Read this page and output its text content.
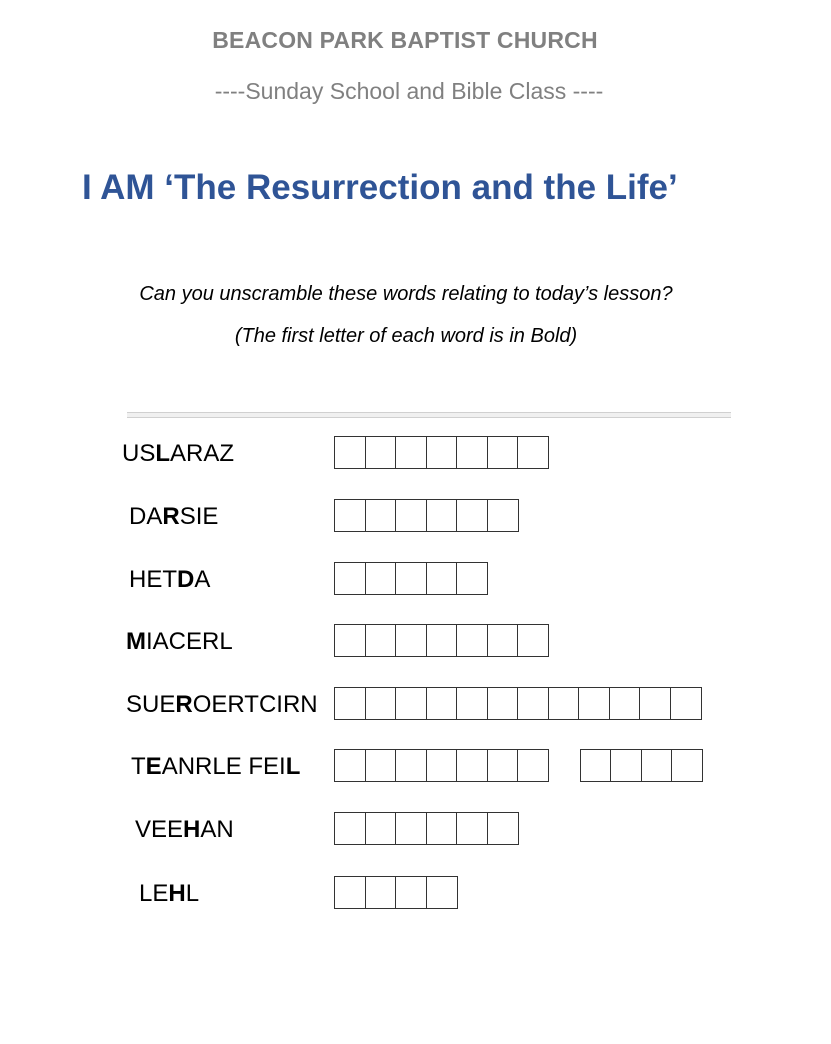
BEACON PARK BAPTIST CHURCH
----Sunday School and Bible Class ----
I AM ‘The Resurrection and the Life’
Can you unscramble these words relating to today’s lesson?
(The first letter of each word is in Bold)
USLARAZ
DARSIE
HETDA
MIACERL
SUEROERTCIRN
TEANRLE FEIL
VEEHAN
LEHL
